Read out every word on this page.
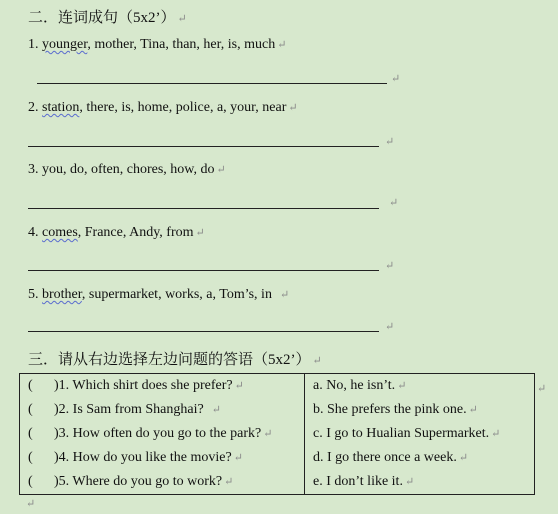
二．连词成句（5x2’） ↵
1. younger, mother, Tina, than, her, is, much ↵
↵
2. station, there, is, home, police, a, your, near ↵
↵
3. you, do, often, chores, how, do ↵
↵
4. comes, France, Andy, from ↵
↵
5. brother, supermarket, works, a, Tom’s, in ↵
↵
三．请从右边选择左边问题的答语（5x2’） ↵
( )1. Which shirt does she prefer? ↵	a. No, he isn’t. ↵
( )2. Is Sam from Shanghai? ↵	b. She prefers the pink one. ↵
( )3. How often do you go to the park? ↵	c. I go to Hualian Supermarket. ↵
( )4. How do you like the movie? ↵	d. I go there once a week. ↵
( )5. Where do you go to work? ↵	e. I don’t like it. ↵
↵
↵
